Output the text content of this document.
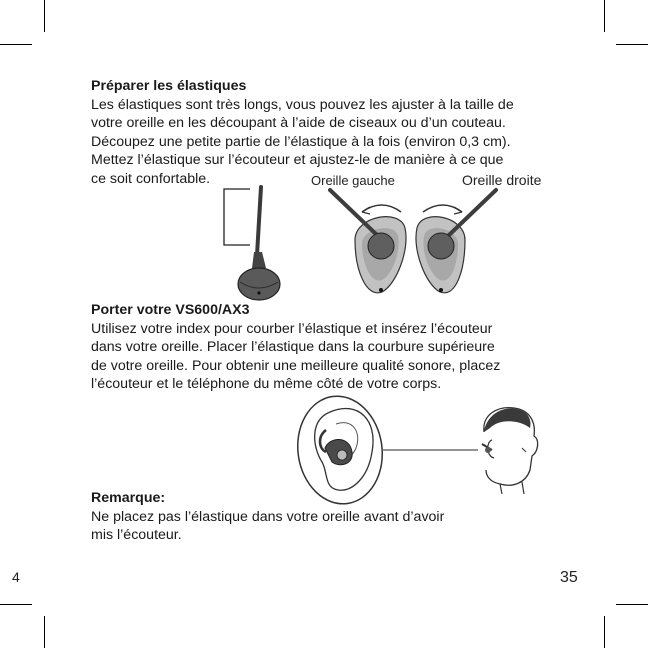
Préparer les élastiques
Les élastiques sont très longs, vous pouvez les ajuster à la taille de
votre oreille en les découpant à l’aide de ciseaux ou d’un couteau.
Découpez une petite partie de l’élastique à la fois (environ 0,3 cm).
Mettez l’élastique sur l’écouteur et ajustez-le de manière à ce que
ce soit confortable.	Oreille gauche	Oreille droite
Porter votre VS600/AX3
Utilisez votre index pour courber l’élastique et insérez l’écouteur
dans votre oreille. Placer l’élastique dans la courbure supérieure
de votre oreille. Pour obtenir une meilleure qualité sonore, placez
l’écouteur et le téléphone du même côté de votre corps.
Remarque:
Ne placez pas l’élastique dans votre oreille avant d’avoir
mis l’écouteur.
35
4
